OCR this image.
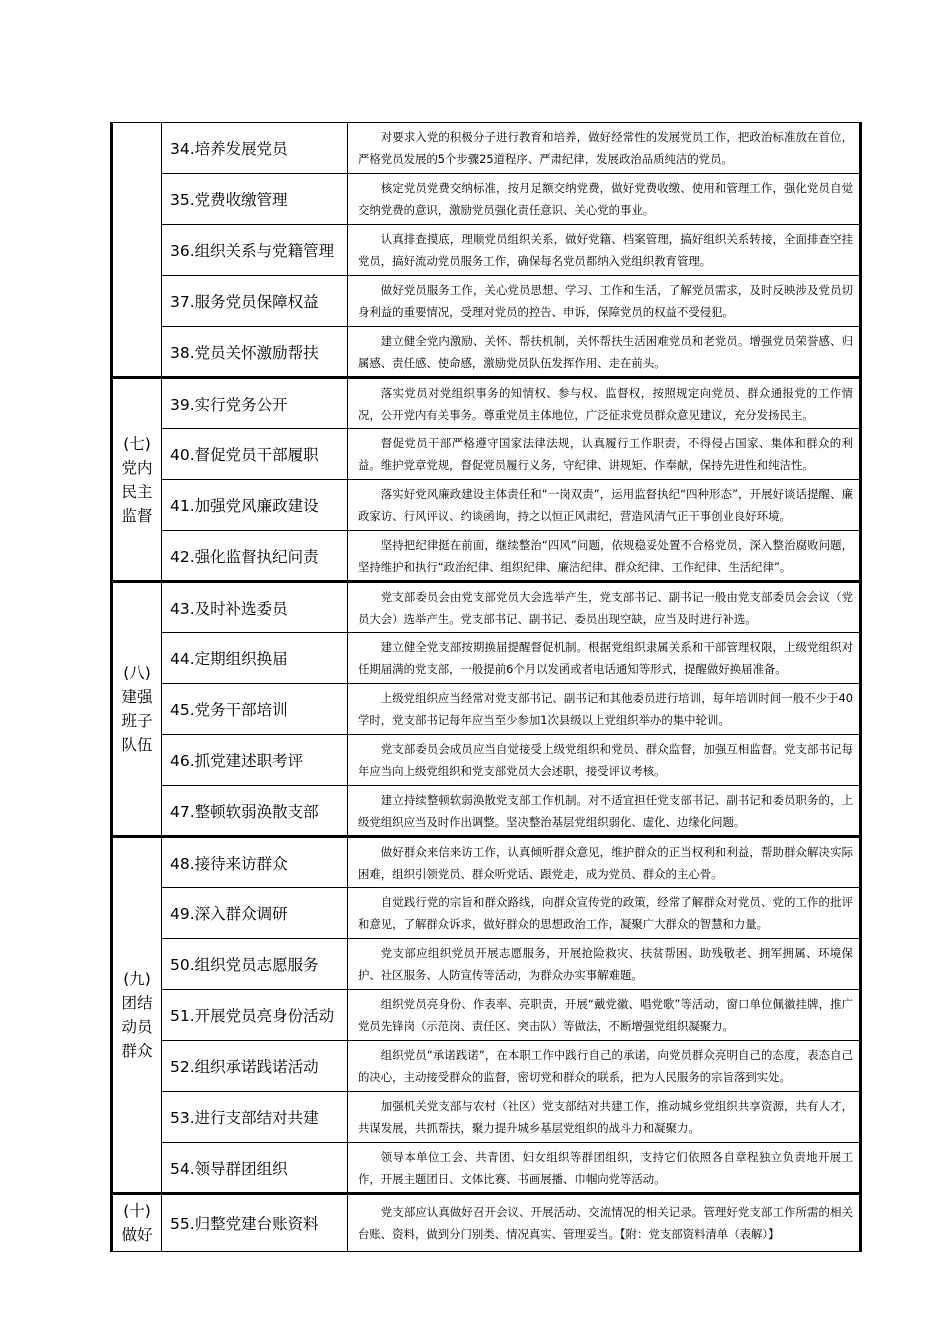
	34.培养发展党员	对要求入党的积极分子进行教育和培养，做好经常性的发展党员工作，把政治标准放在首位，严格党员发展的5个步骤25道程序、严肃纪律，发展政治品质纯洁的党员。
	35.党费收缴管理	核定党员党费交纳标准，按月足额交纳党费，做好党费收缴、使用和管理工作，强化党员自觉交纳党费的意识，激励党员强化责任意识、关心党的事业。
	36.组织关系与党籍管理	认真排查摸底，理顺党员组织关系，做好党籍、档案管理，搞好组织关系转接，全面排查空挂党员，搞好流动党员服务工作，确保每名党员都纳入党组织教育管理。
	37.服务党员保障权益	做好党员服务工作，关心党员思想、学习、工作和生活，了解党员需求，及时反映涉及党员切身利益的重要情况，受理对党员的控告、申诉，保障党员的权益不受侵犯。
	38.党员关怀激励帮扶	建立健全党内激励、关怀、帮扶机制，关怀帮扶生活困难党员和老党员。增强党员荣誉感、归属感、责任感、使命感，激励党员队伍发挥作用、走在前头。

(七)
党内
民主
监督	39.实行党务公开	落实党员对党组织事务的知情权、参与权、监督权，按照规定向党员、群众通报党的工作情况，公开党内有关事务。尊重党员主体地位，广泛征求党员群众意见建议，充分发扬民主。
	40.督促党员干部履职	督促党员干部严格遵守国家法律法规，认真履行工作职责，不得侵占国家、集体和群众的利益。维护党章党规，督促党员履行义务，守纪律、讲规矩、作奉献，保持先进性和纯洁性。
	41.加强党风廉政建设	落实好党风廉政建设主体责任和“一岗双责”，运用监督执纪“四种形态”，开展好谈话提醒、廉政家访、行风评议、约谈函询，持之以恒正风肃纪，营造风清气正干事创业良好环境。
	42.强化监督执纪问责	坚持把纪律挺在前面，继续整治“四风”问题，依规稳妥处置不合格党员，深入整治腐败问题，坚持维护和执行“政治纪律、组织纪律、廉洁纪律、群众纪律、工作纪律、生活纪律”。

(八)
建强
班子
队伍	43.及时补选委员	党支部委员会由党支部党员大会选举产生，党支部书记、副书记一般由党支部委员会会议（党员大会）选举产生。党支部书记、副书记、委员出现空缺，应当及时进行补选。
	44.定期组织换届	建立健全党支部按期换届提醒督促机制。根据党组织隶属关系和干部管理权限，上级党组织对任期届满的党支部，一般提前6个月以发函或者电话通知等形式，提醒做好换届准备。
	45.党务干部培训	上级党组织应当经常对党支部书记、副书记和其他委员进行培训，每年培训时间一般不少于40学时，党支部书记每年应当至少参加1次县级以上党组织举办的集中轮训。
	46.抓党建述职考评	党支部委员会成员应当自觉接受上级党组织和党员、群众监督，加强互相监督。党支部书记每年应当向上级党组织和党支部党员大会述职，接受评议考核。
	47.整顿软弱涣散支部	建立持续整顿软弱涣散党支部工作机制。对不适宜担任党支部书记、副书记和委员职务的，上级党组织应当及时作出调整。坚决整治基层党组织弱化、虚化、边缘化问题。

(九)
团结
动员
群众	48.接待来访群众	做好群众来信来访工作，认真倾听群众意见，维护群众的正当权利和利益，帮助群众解决实际困难，组织引领党员、群众听党话、跟党走，成为党员、群众的主心骨。
	49.深入群众调研	自觉践行党的宗旨和群众路线，向群众宣传党的政策，经常了解群众对党员、党的工作的批评和意见，了解群众诉求，做好群众的思想政治工作，凝聚广大群众的智慧和力量。
	50.组织党员志愿服务	党支部应组织党员开展志愿服务，开展抢险救灾、扶贫帮困、助残敬老、拥军拥属、环境保护、社区服务、人防宣传等活动，为群众办实事解难题。
	51.开展党员亮身份活动	组织党员亮身份、作表率、亮职责，开展“戴党徽、唱党歌”等活动，窗口单位佩徽挂牌，推广党员先锋岗（示范岗、责任区、突击队）等做法，不断增强党组织凝聚力。
	52.组织承诺践诺活动	组织党员“承诺践诺”，在本职工作中践行自己的承诺，向党员群众亮明自己的态度，表态自己的决心，主动接受群众的监督，密切党和群众的联系，把为人民服务的宗旨落到实处。
	53.进行支部结对共建	加强机关党支部与农村（社区）党支部结对共建工作，推动城乡党组织共享资源，共有人才，共谋发展，共抓帮扶，聚力提升城乡基层党组织的战斗力和凝聚力。
	54.领导群团组织	领导本单位工会、共青团、妇女组织等群团组织，支持它们依照各自章程独立负责地开展工作，开展主题团日、文体比赛、书画展播、巾帼向党等活动。

(十)
做好	55.归整党建台账资料	党支部应认真做好召开会议、开展活动、交流情况的相关记录。管理好党支部工作所需的相关台账、资料，做到分门别类、情况真实、管理妥当。【附：党支部资料清单（表解）】
